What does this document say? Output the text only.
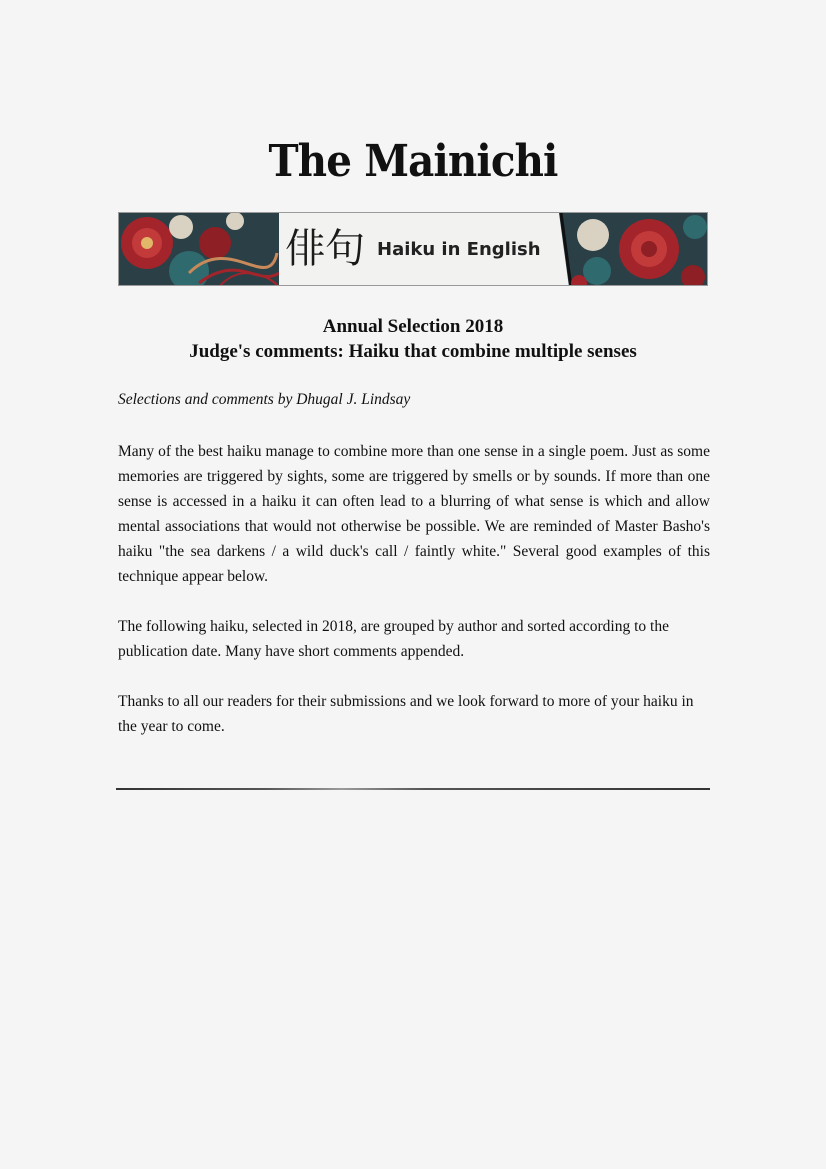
The Mainichi
俳句 Haiku in English
Annual Selection 2018
Judge's comments: Haiku that combine multiple senses
Selections and comments by Dhugal J. Lindsay

Many of the best haiku manage to combine more than one sense in a single poem. Just as some memories are triggered by sights, some are triggered by smells or by sounds. If more than one sense is accessed in a haiku it can often lead to a blurring of what sense is which and allow mental associations that would not otherwise be possible. We are reminded of Master Basho's haiku "the sea darkens / a wild duck's call / faintly white." Several good examples of this technique appear below.

The following haiku, selected in 2018, are grouped by author and sorted according to the publication date. Many have short comments appended.

Thanks to all our readers for their submissions and we look forward to more of your haiku in the year to come.
